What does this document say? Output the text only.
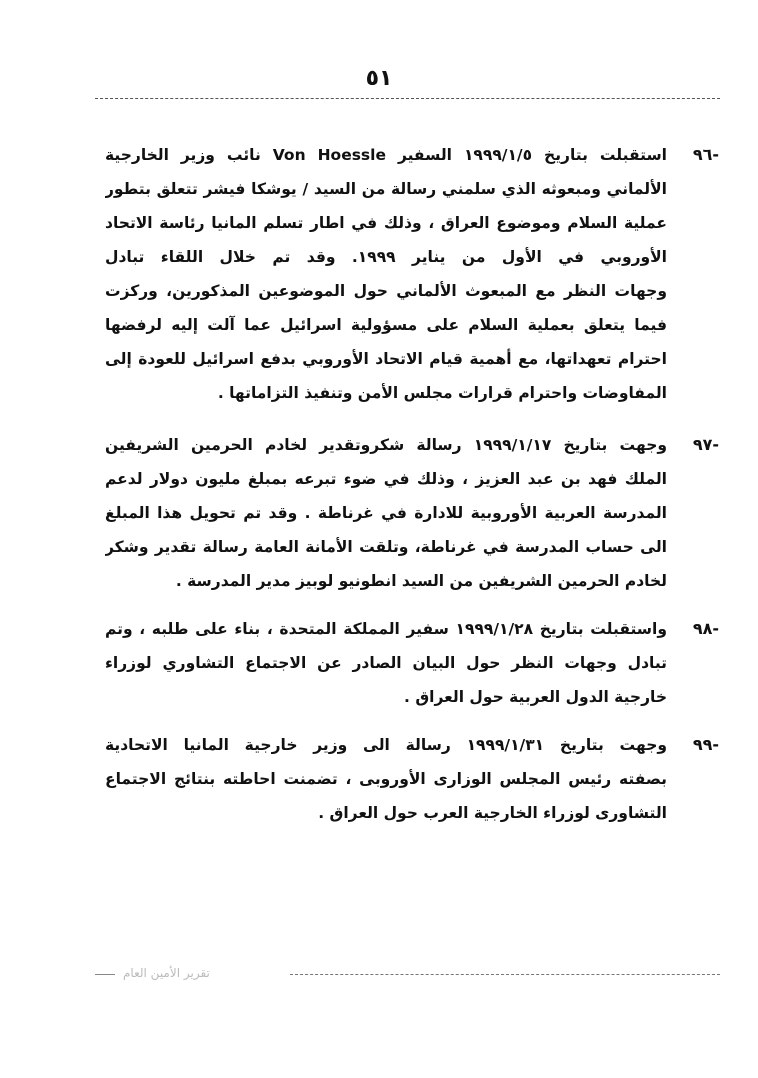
٥١
-٩٦
استقبلت بتاريخ ١٩٩٩/١/٥ السفير Von Hoessle نائب وزير الخارجية
الألماني ومبعوثه الذي سلمني رسالة من السيد / يوشكا فيشر تتعلق بتطور
عملية السلام وموضوع العراق ، وذلك في اطار تسلم المانيا رئاسة الاتحاد
الأوروبي في الأول من يناير ١٩٩٩. وقد تم خلال اللقاء تبادل
وجهات النظر مع المبعوث الألماني حول الموضوعين المذكورين، وركزت
فيما يتعلق بعملية السلام على مسؤولية اسرائيل عما آلت إليه لرفضها
احترام تعهداتها، مع أهمية قيام الاتحاد الأوروبي بدفع اسرائيل للعودة إلى
المفاوضات واحترام قرارات مجلس الأمن وتنفيذ التزاماتها .
-٩٧
وجهت بتاريخ ١٩٩٩/١/١٧ رسالة شكروتقدير لخادم الحرمين الشريفين
الملك فهد بن عبد العزيز ، وذلك في ضوء تبرعه بمبلغ مليون دولار لدعم
المدرسة العربية الأوروبية للادارة في غرناطة . وقد تم تحويل هذا المبلغ
الى حساب المدرسة في غرناطة، وتلقت الأمانة العامة رسالة تقدير وشكر
لخادم الحرمين الشريفين من السيد انطونيو لوبيز مدير المدرسة .
-٩٨
واستقبلت بتاريخ ١٩٩٩/١/٢٨ سفير المملكة المتحدة ، بناء على طلبه ، وتم
تبادل وجهات النظر حول البيان الصادر عن الاجتماع التشاوري لوزراء
خارجية الدول العربية حول العراق .
-٩٩
وجهت بتاريخ ١٩٩٩/١/٣١ رسالة الى وزير خارجية المانيا الاتحادية
بصفته رئيس المجلس الوزارى الأوروبى ، تضمنت احاطته بنتائج الاجتماع
التشاورى لوزراء الخارجية العرب حول العراق .
تقرير الأمين العام
